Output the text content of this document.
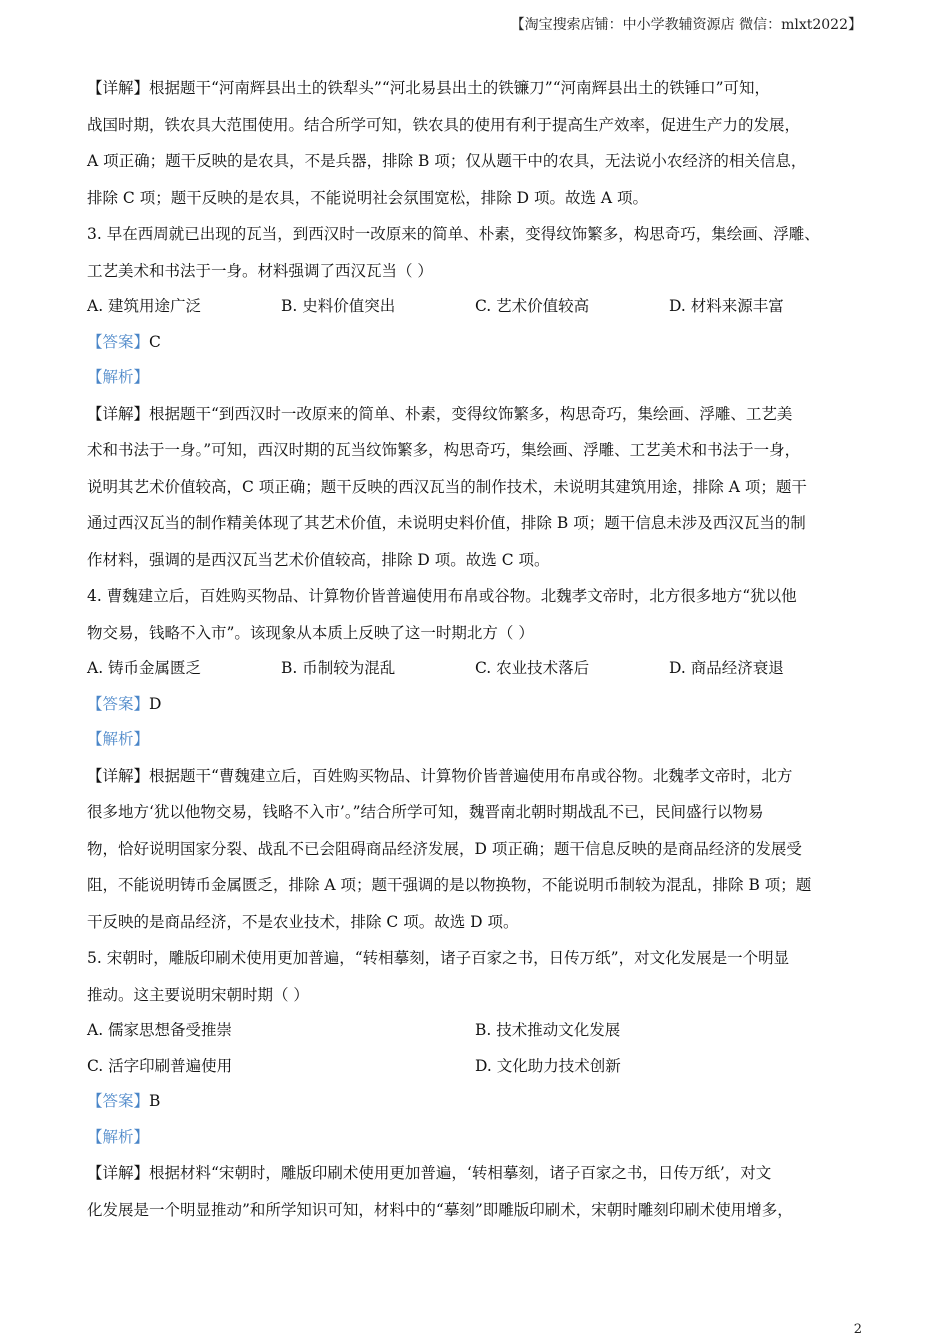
【淘宝搜索店铺：中小学教辅资源店 微信：mlxt2022】
【详解】根据题干“河南辉县出土的铁犁头”“河北易县出土的铁镰刀”“河南辉县出土的铁锤口”可知，
战国时期，铁农具大范围使用。结合所学可知，铁农具的使用有利于提高生产效率，促进生产力的发展，
A 项正确；题干反映的是农具，不是兵器，排除 B 项；仅从题干中的农具，无法说小农经济的相关信息，
排除 C 项；题干反映的是农具，不能说明社会氛围宽松，排除 D 项。故选 A 项。
3. 早在西周就已出现的瓦当，到西汉时一改原来的简单、朴素，变得纹饰繁多，构思奇巧，集绘画、浮雕、
工艺美术和书法于一身。材料强调了西汉瓦当（ ）
A. 建筑用途广泛	B. 史料价值突出	C. 艺术价值较高	D. 材料来源丰富
【答案】C
【解析】
【详解】根据题干“到西汉时一改原来的简单、朴素，变得纹饰繁多，构思奇巧，集绘画、浮雕、工艺美
术和书法于一身。”可知，西汉时期的瓦当纹饰繁多，构思奇巧，集绘画、浮雕、工艺美术和书法于一身，
说明其艺术价值较高，C 项正确；题干反映的西汉瓦当的制作技术，未说明其建筑用途，排除 A 项；题干
通过西汉瓦当的制作精美体现了其艺术价值，未说明史料价值，排除 B 项；题干信息未涉及西汉瓦当的制
作材料，强调的是西汉瓦当艺术价值较高，排除 D 项。故选 C 项。
4. 曹魏建立后，百姓购买物品、计算物价皆普遍使用布帛或谷物。北魏孝文帝时，北方很多地方“犹以他
物交易，钱略不入市”。该现象从本质上反映了这一时期北方（ ）
A. 铸币金属匮乏	B. 币制较为混乱	C. 农业技术落后	D. 商品经济衰退
【答案】D
【解析】
【详解】根据题干“曹魏建立后，百姓购买物品、计算物价皆普遍使用布帛或谷物。北魏孝文帝时，北方
很多地方‘犹以他物交易，钱略不入市’。”结合所学可知，魏晋南北朝时期战乱不已，民间盛行以物易
物，恰好说明国家分裂、战乱不已会阻碍商品经济发展，D 项正确；题干信息反映的是商品经济的发展受
阻，不能说明铸币金属匮乏，排除 A 项；题干强调的是以物换物，不能说明币制较为混乱，排除 B 项；题
干反映的是商品经济，不是农业技术，排除 C 项。故选 D 项。
5. 宋朝时，雕版印刷术使用更加普遍，“转相摹刻，诸子百家之书，日传万纸”，对文化发展是一个明显
推动。这主要说明宋朝时期（ ）
A. 儒家思想备受推崇	B. 技术推动文化发展
C. 活字印刷普遍使用	D. 文化助力技术创新
【答案】B
【解析】
【详解】根据材料“宋朝时，雕版印刷术使用更加普遍，‘转相摹刻，诸子百家之书，日传万纸’，对文
化发展是一个明显推动”和所学知识可知，材料中的“摹刻”即雕版印刷术，宋朝时雕刻印刷术使用增多，
2
